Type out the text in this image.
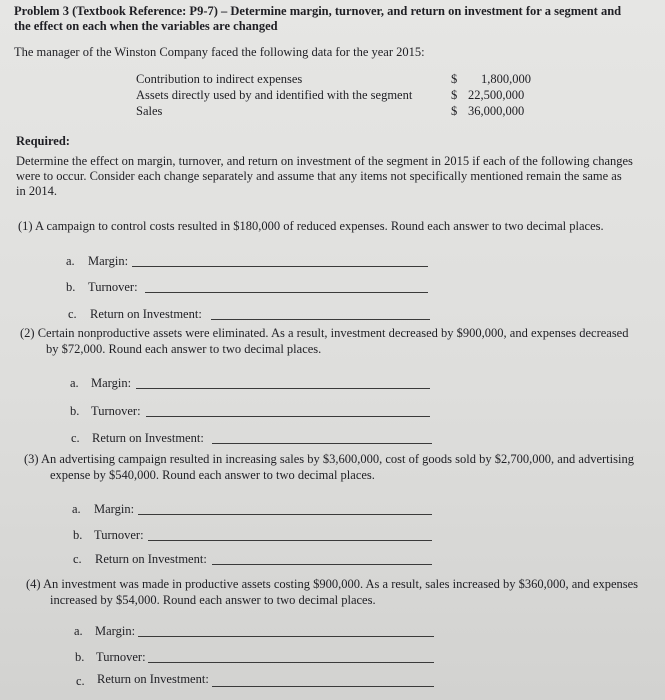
Problem 3 (Textbook Reference: P9-7) – Determine margin, turnover, and return on investment for a segment and
the effect on each when the variables are changed
The manager of the Winston Company faced the following data for the year 2015:
Contribution to indirect expenses	$ 1,800,000
Assets directly used by and identified with the segment	$ 22,500,000
Sales	$ 36,000,000
Required:
Determine the effect on margin, turnover, and return on investment of the segment in 2015 if each of the following changes
were to occur. Consider each change separately and assume that any items not specifically mentioned remain the same as
in 2014.
(1) A campaign to control costs resulted in $180,000 of reduced expenses. Round each answer to two decimal places.
a. Margin:
b. Turnover:
c. Return on Investment:
(2) Certain nonproductive assets were eliminated. As a result, investment decreased by $900,000, and expenses decreased
by $72,000. Round each answer to two decimal places.
a. Margin:
b. Turnover:
c. Return on Investment:
(3) An advertising campaign resulted in increasing sales by $3,600,000, cost of goods sold by $2,700,000, and advertising
expense by $540,000. Round each answer to two decimal places.
a. Margin:
b. Turnover:
c. Return on Investment:
(4) An investment was made in productive assets costing $900,000. As a result, sales increased by $360,000, and expenses
increased by $54,000. Round each answer to two decimal places.
a. Margin:
b. Turnover:
c. Return on Investment:
